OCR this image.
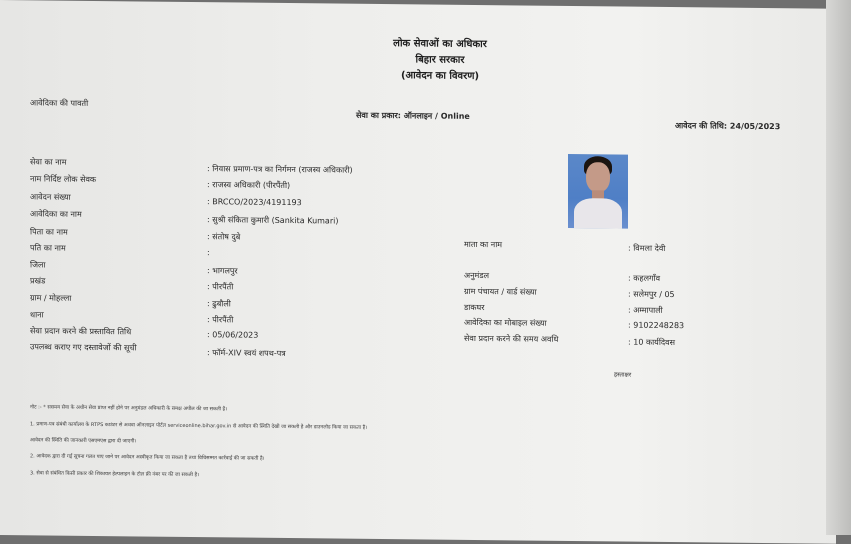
लोक सेवाओं का अधिकार
बिहार सरकार
(आवेदन का विवरण)
आवेदिका की पावती
सेवा का प्रकार: ऑनलाइन / Online
आवेदन की तिथि: 24/05/2023
सेवा का नाम
: निवास प्रमाण-पत्र का निर्गमन (राजस्व अधिकारी)
नाम निर्दिष्ट लोक सेवक
: राजस्व अधिकारी (पीरपैंती)
आवेदन संख्या
: BRCCO/2023/4191193
आवेदिका का नाम
: सुश्री संकिता कुमारी (Sankita Kumari)
पिता का नाम
: संतोष दुबे
पति का नाम	:
जिला
: भागलपुर
प्रखंड
: पीरपैंती
ग्राम / मोहल्ला
: ढुबौली
थाना
: पीरपैंती
सेवा प्रदान करने की प्रस्तावित तिथि	: 05/06/2023
उपलब्ध कराए गए दस्तावेजों की सूची
: फॉर्म-XIV स्वयं शपथ-पत्र
माता का नाम	: विमला देवी
अनुमंडल	: कहलगाँव
ग्राम पंचायत / वार्ड संख्या	: सलेमपुर / 05
डाकघर	: अम्मापाली
आवेदिका का मोबाइल संख्या	: 9102248283
सेवा प्रदान करने की समय अवधि	: 10 कार्यदिवस
हस्ताक्षर
नोट :- * ससमय सेवा के अधीन सेवा प्राप्त नहीं होने पर अनुमंडल अधिकारी के समक्ष अपील की जा सकती है।
1. प्रमाण-पत्र संबंधी कार्यालय के RTPS काउंटर से अथवा ऑनलाइन पोर्टल serviceonline.bihar.gov.in से आवेदन की स्थिति देखी जा सकती है और डाउनलोड किया जा सकता है।
आवेदन की स्थिति की जानकारी एसएमएस द्वारा दी जाएगी।
2. आवेदक द्वारा दी गई सूचना गलत पाए जाने पर आवेदन अस्वीकृत किया जा सकता है तथा विधिसम्मत कार्रवाई की जा सकती है।
3. सेवा से संबंधित किसी प्रकार की शिकायत हेल्पलाइन के टोल फ्री नंबर पर की जा सकती है।
